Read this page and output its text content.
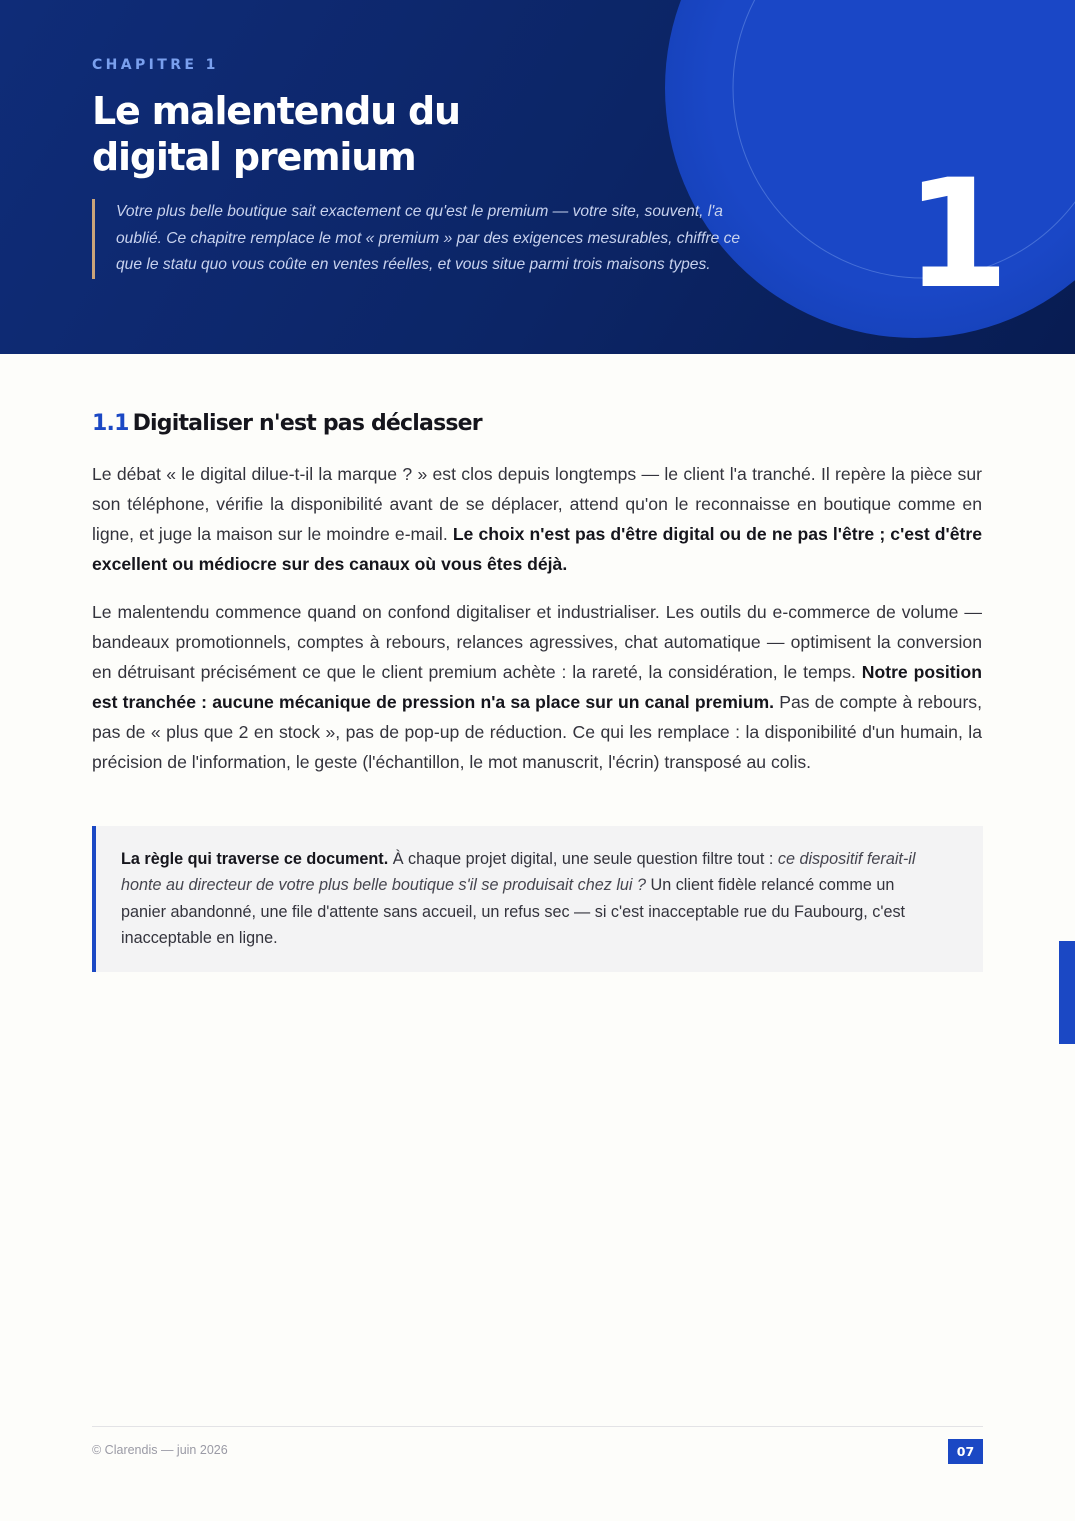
CHAPITRE 1
Le malentendu du
digital premium
Votre plus belle boutique sait exactement ce qu'est le premium — votre site, souvent, l'a oublié. Ce chapitre remplace le mot « premium » par des exigences mesurables, chiffre ce que le statu quo vous coûte en ventes réelles, et vous situe parmi trois maisons types. 1
1.1 Digitaliser n'est pas déclasser

Le débat « le digital dilue-t-il la marque ? » est clos depuis longtemps — le client l'a tranché. Il repère la pièce sur son téléphone, vérifie la disponibilité avant de se déplacer, attend qu'on le reconnaisse en boutique comme en ligne, et juge la maison sur le moindre e-mail. Le choix n'est pas d'être digital ou de ne pas l'être ; c'est d'être excellent ou médiocre sur des canaux où vous êtes déjà.

Le malentendu commence quand on confond digitaliser et industrialiser. Les outils du e-commerce de volume — bandeaux promotionnels, comptes à rebours, relances agressives, chat automatique — optimisent la conversion en détruisant précisément ce que le client premium achète : la rareté, la considération, le temps. Notre position est tranchée : aucune mécanique de pression n'a sa place sur un canal premium. Pas de compte à rebours, pas de « plus que 2 en stock », pas de pop-up de réduction. Ce qui les remplace : la disponibilité d'un humain, la précision de l'information, le geste (l'échantillon, le mot manuscrit, l'écrin) transposé au colis.

La règle qui traverse ce document. À chaque projet digital, une seule question filtre tout : ce dispositif ferait-il honte au directeur de votre plus belle boutique s'il se produisait chez lui ? Un client fidèle relancé comme un panier abandonné, une file d'attente sans accueil, un refus sec — si c'est inacceptable rue du Faubourg, c'est inacceptable en ligne.
© Clarendis — juin 2026	07
